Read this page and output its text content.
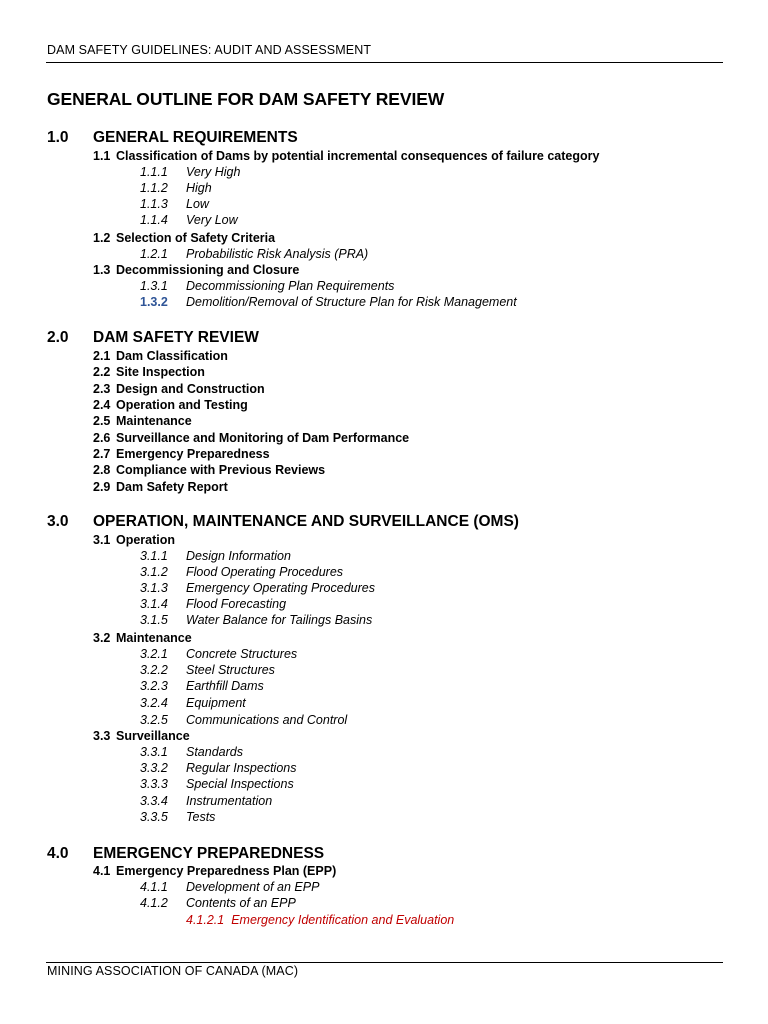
DAM SAFETY GUIDELINES: AUDIT AND ASSESSMENT
GENERAL OUTLINE FOR DAM SAFETY REVIEW
1.0 GENERAL REQUIREMENTS
1.1 Classification of Dams by potential incremental consequences of failure category
1.1.1 Very High
1.1.2 High
1.1.3 Low
1.1.4 Very Low
1.2 Selection of Safety Criteria
1.2.1 Probabilistic Risk Analysis (PRA)
1.3 Decommissioning and Closure
1.3.1 Decommissioning Plan Requirements
1.3.2 Demolition/Removal of Structure Plan for Risk Management
2.0 DAM SAFETY REVIEW
2.1 Dam Classification
2.2 Site Inspection
2.3 Design and Construction
2.4 Operation and Testing
2.5 Maintenance
2.6 Surveillance and Monitoring of Dam Performance
2.7 Emergency Preparedness
2.8 Compliance with Previous Reviews
2.9 Dam Safety Report
3.0 OPERATION, MAINTENANCE AND SURVEILLANCE (OMS)
3.1 Operation
3.1.1 Design Information
3.1.2 Flood Operating Procedures
3.1.3 Emergency Operating Procedures
3.1.4 Flood Forecasting
3.1.5 Water Balance for Tailings Basins
3.2 Maintenance
3.2.1 Concrete Structures
3.2.2 Steel Structures
3.2.3 Earthfill Dams
3.2.4 Equipment
3.2.5 Communications and Control
3.3 Surveillance
3.3.1 Standards
3.3.2 Regular Inspections
3.3.3 Special Inspections
3.3.4 Instrumentation
3.3.5 Tests
4.0 EMERGENCY PREPAREDNESS
4.1 Emergency Preparedness Plan (EPP)
4.1.1 Development of an EPP
4.1.2 Contents of an EPP
4.1.2.1 Emergency Identification and Evaluation
MINING ASSOCIATION OF CANADA (MAC)
